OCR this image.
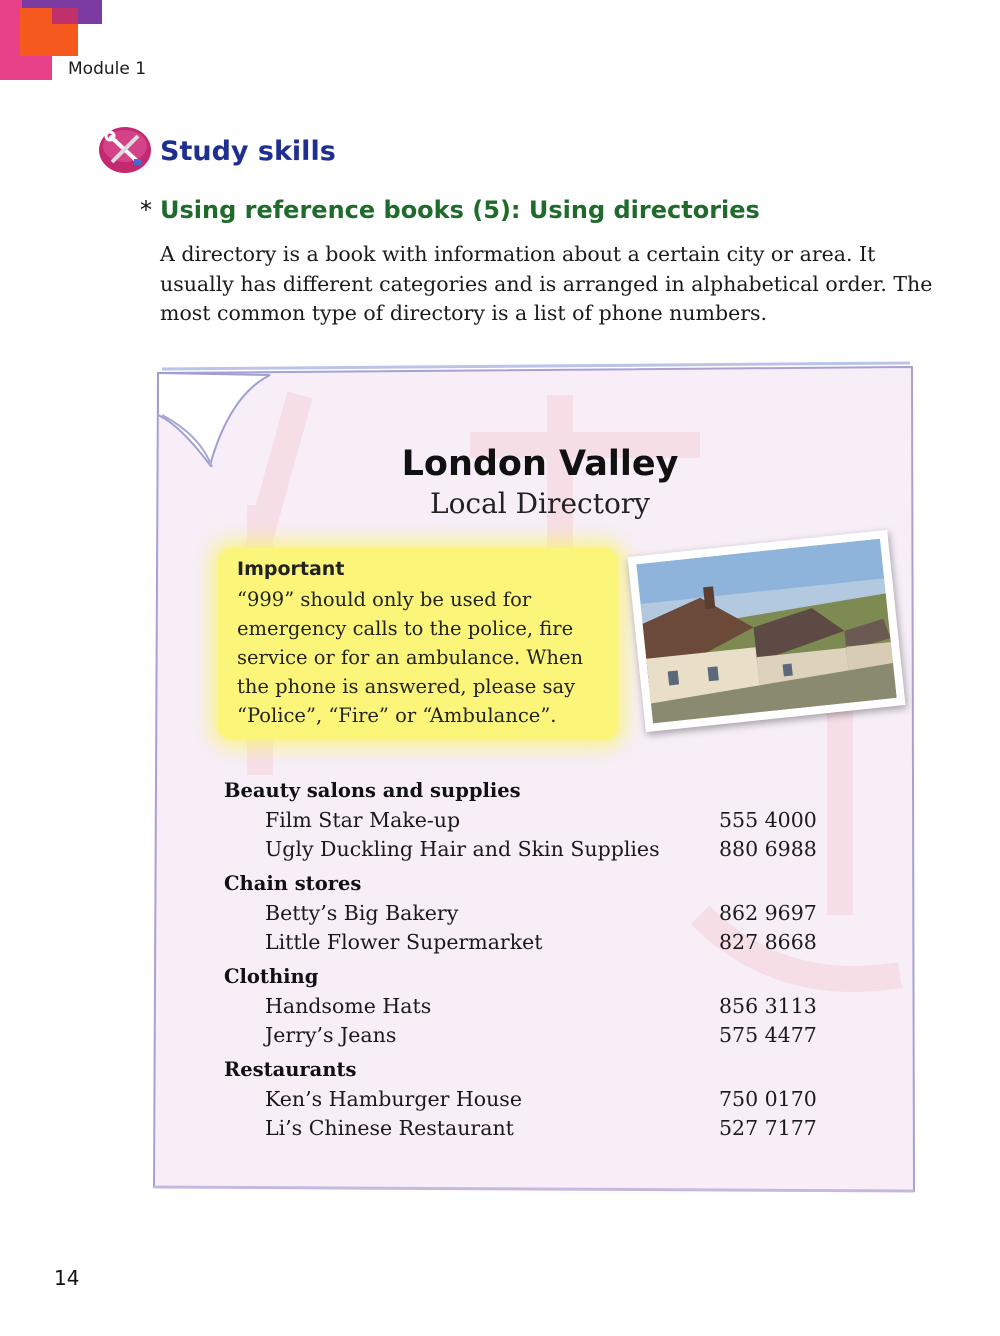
Module 1
Study skills
* Using reference books (5): Using directories
A directory is a book with information about a certain city or area. It usually has different categories and is arranged in alphabetical order. The most common type of directory is a list of phone numbers.
London Valley
Local Directory
Important
“999” should only be used for emergency calls to the police, fire service or for an ambulance. When the phone is answered, please say “Police”, “Fire” or “Ambulance”.
Beauty salons and supplies
Film Star Make-up	555 4000
Ugly Duckling Hair and Skin Supplies	880 6988
Chain stores
Betty’s Big Bakery	862 9697
Little Flower Supermarket	827 8668
Clothing
Handsome Hats	856 3113
Jerry’s Jeans	575 4477
Restaurants
Ken’s Hamburger House	750 0170
Li’s Chinese Restaurant	527 7177
14
